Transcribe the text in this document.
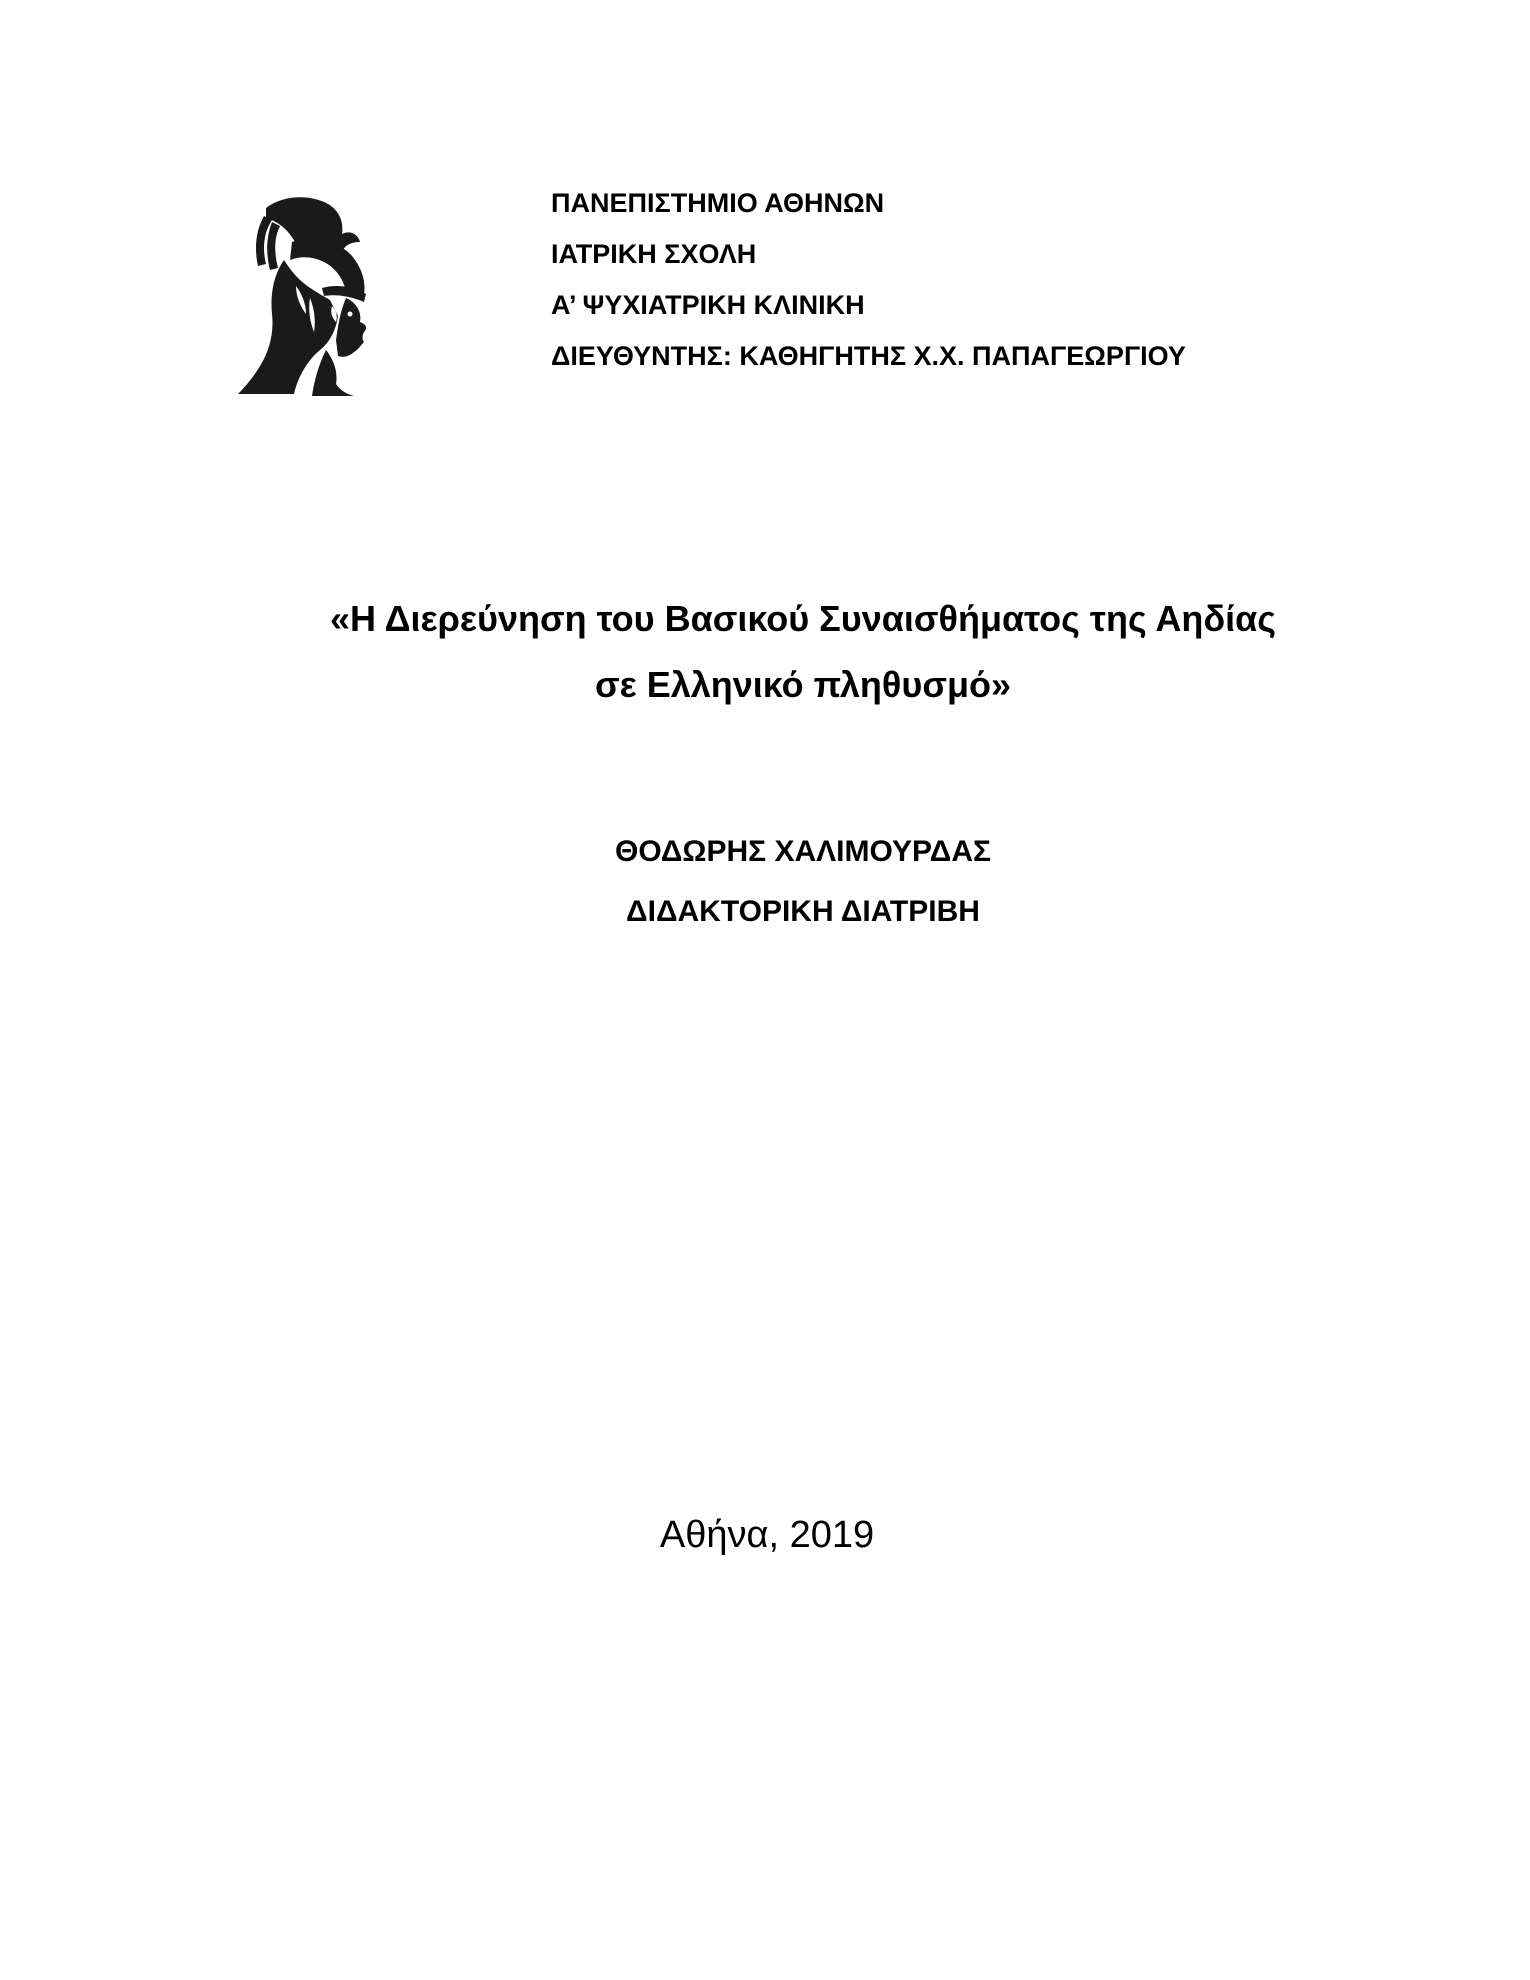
ΠΑΝΕΠΙΣΤΗΜΙΟ ΑΘΗΝΩΝ

ΙΑΤΡΙΚΗ ΣΧΟΛΗ

Α’ ΨΥΧΙΑΤΡΙΚΗ ΚΛΙΝΙΚΗ

ΔΙΕΥΘΥΝΤΗΣ: ΚΑΘΗΓΗΤΗΣ Χ.Χ. ΠΑΠΑΓΕΩΡΓΙΟΥ

«Η Διερεύνηση του Βασικού Συναισθήματος της Αηδίας

σε Ελληνικό πληθυσμό»

ΘΟΔΩΡΗΣ ΧΑΛΙΜΟΥΡΔΑΣ

ΔΙΔΑΚΤΟΡΙΚΗ ΔΙΑΤΡΙΒΗ

Αθήνα, 2019
